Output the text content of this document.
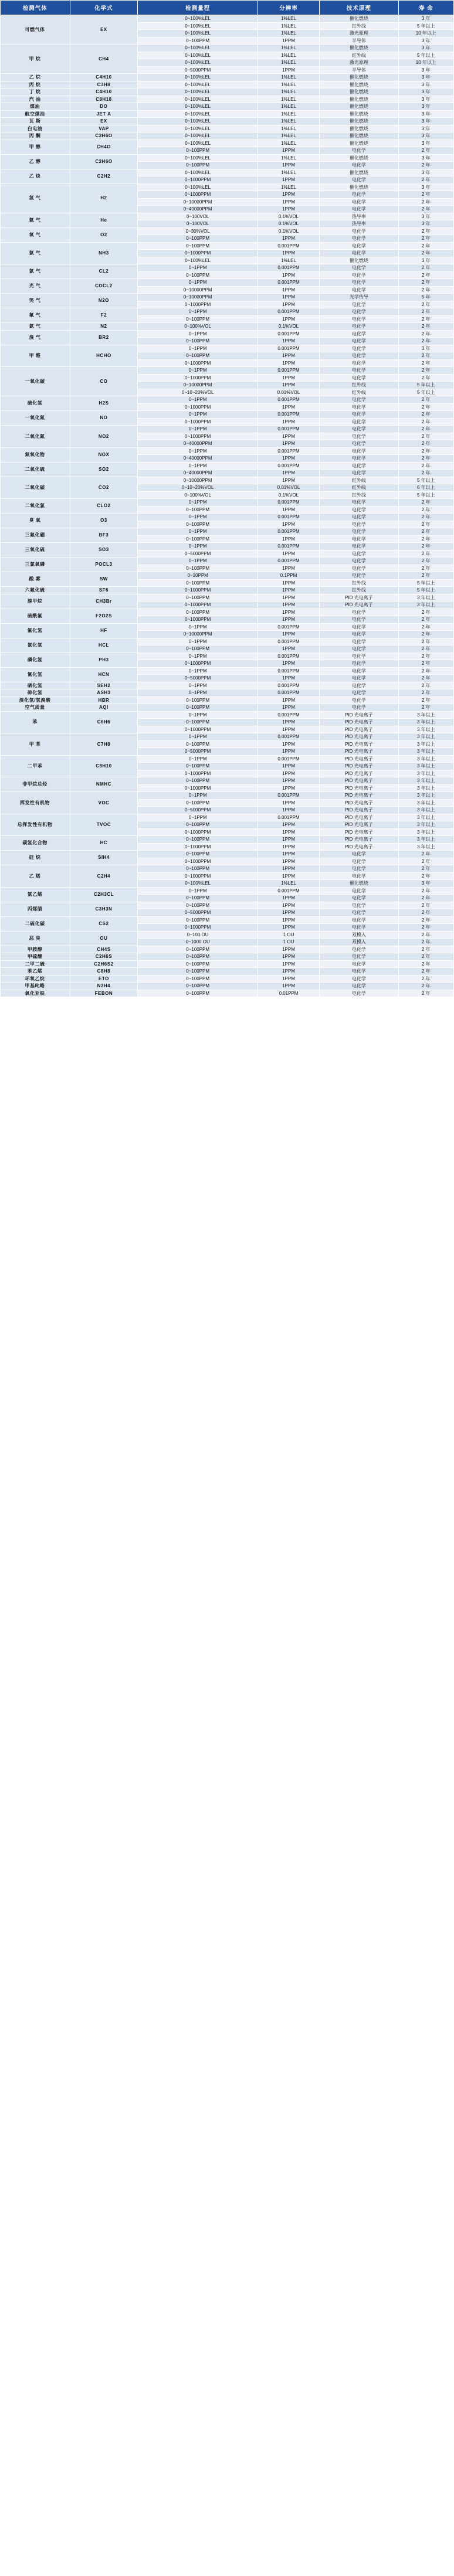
检测气体	化学式	检测量程	分辨率	技术原理	寿 命
可燃气体	EX	0~100%LEL	1%LEL	催化燃烧	3 年
		0~100%LEL	1%LEL	红外线	5 年以上
		0~100%LEL	1%LEL	激光原理	10 年以上
		0~100PPM	1PPM	半导体	3 年
甲 烷	CH4	0~100%LEL	1%LEL	催化燃烧	3 年
		0~100%LEL	1%LEL	红外线	5 年以上
		0~100%LEL	1%LEL	激光原理	10 年以上
		0~5000PPM	1PPM	半导体	3 年
乙 烷	C4H10	0~100%LEL	1%LEL	催化燃烧	3 年
丙 烷	C3H8	0~100%LEL	1%LEL	催化燃烧	3 年
丁 烷	C4H10	0~100%LEL	1%LEL	催化燃烧	3 年
汽 油	C8H18	0~100%LEL	1%LEL	催化燃烧	3 年
煤油	DO	0~100%LEL	1%LEL	催化燃烧	3 年
航空煤油	JET A	0~100%LEL	1%LEL	催化燃烧	3 年
瓦 斯	EX	0~100%LEL	1%LEL	催化燃烧	3 年
白电油	VAP	0~100%LEL	1%LEL	催化燃烧	3 年
丙 酮	C3H6O	0~100%LEL	1%LEL	催化燃烧	3 年
甲 醇	CH4O	0~100%LEL	1%LEL	催化燃烧	3 年
		0~100PPM	1PPM	电化学	2 年
乙 醇	C2H6O	0~100%LEL	1%LEL	催化燃烧	3 年
		0~100PPM	1PPM	电化学	2 年
乙 炔	C2H2	0~100%LEL	1%LEL	催化燃烧	3 年
		0~1000PPM	1PPM	电化学	2 年
氢 气	H2	0~100%LEL	1%LEL	催化燃烧	3 年
		0~1000PPM	1PPM	电化学	2 年
		0~10000PPM	1PPM	电化学	2 年
		0~40000PPM	1PPM	电化学	2 年
氦 气	He	0~100VOL	0.1%VOL	热导率	3 年
		0~100VOL	0.1%VOL	热导率	3 年
氧 气	O2	0~30%VOL	0.1%VOL	电化学	2 年
		0~100PPM	1PPM	电化学	2 年
氨 气	NH3	0~100PPM	0.001PPM	电化学	2 年
		0~1000PPM	1PPM	电化学	2 年
		0~100%LEL	1%LEL	催化燃烧	3 年
氯 气	CL2	0~1PPM	0.001PPM	电化学	2 年
		0~100PPM	1PPM	电化学	2 年
光 气	COCL2	0~1PPM	0.001PPM	电化学	2 年
		0~10000PPM	1PPM	电化学	2 年
笑 气	N2O	0~10000PPM	1PPM	光学传导	5 年
		0~1000PPM	1PPM	电化学	2 年
氟 气	F2	0~1PPM	0.001PPM	电化学	2 年
		0~100PPM	1PPM	电化学	2 年
氮 气	N2	0~100%VOL	0.1%VOL	电化学	2 年
溴 气	BR2	0~1PPM	0.001PPM	电化学	2 年
		0~100PPM	1PPM	电化学	2 年
甲 醛	HCHO	0~1PPM	0.001PPM	电化学	3 年
		0~100PPM	1PPM	电化学	2 年
		0~1000PPM	1PPM	电化学	2 年
一氧化碳	CO	0~1PPM	0.001PPM	电化学	2 年
		0~1000PPM	1PPM	电化学	2 年
		0~10000PPM	1PPM	红外线	5 年以上
		0~10~20%VOL	0.01%VOL	红外线	5 年以上
硫化氢	H2S	0~1PPM	0.001PPM	电化学	2 年
		0~1000PPM	1PPM	电化学	2 年
一氧化氮	NO	0~1PPM	0.001PPM	电化学	2 年
		0~1000PPM	1PPM	电化学	2 年
二氧化氮	NO2	0~1PPM	0.001PPM	电化学	2 年
		0~1000PPM	1PPM	电化学	2 年
		0~40000PPM	1PPM	电化学	2 年
氮氧化物	NOX	0~1PPM	0.001PPM	电化学	2 年
		0~40000PPM	1PPM	电化学	2 年
二氧化硫	SO2	0~1PPM	0.001PPM	电化学	2 年
		0~40000PPM	1PPM	电化学	2 年
二氧化碳	CO2	0~10000PPM	1PPM	红外线	5 年以上
		0~10~20%VOL	0.01%VOL	红外线	6 年以上
		0~100%VOL	0.1%VOL	红外线	5 年以上
二氧化氯	CLO2	0~1PPM	0.001PPM	电化学	2 年
		0~100PPM	1PPM	电化学	2 年
臭 氧	O3	0~1PPM	0.001PPM	电化学	2 年
		0~100PPM	1PPM	电化学	2 年
三氟化硼	BF3	0~1PPM	0.001PPM	电化学	2 年
		0~100PPM	1PPM	电化学	2 年
三氧化硫	SO3	0~1PPM	0.001PPM	电化学	2 年
		0~5000PPM	1PPM	电化学	2 年
三氯氧磷	POCL3	0~1PPM	0.001PPM	电化学	2 年
		0~100PPM	1PPM	电化学	2 年
酸 雾	SW	0~10PPM	0.1PPM	电化学	2 年
		0~100PPM	1PPM	红外线	5 年以上
六氟化硫	SF6	0~1000PPM	1PPM	红外线	5 年以上
溴甲烷	CH3Br	0~100PPM	1PPM	PID 光电离子	3 年以上
		0~1000PPM	1PPM	PID 光电离子	3 年以上
硫酰氟	F2O2S	0~100PPM	1PPM	电化学	2 年
		0~1000PPM	1PPM	电化学	2 年
氟化氢	HF	0~1PPM	0.001PPM	电化学	2 年
		0~10000PPM	1PPM	电化学	2 年
氯化氢	HCL	0~1PPM	0.001PPM	电化学	2 年
		0~100PPM	1PPM	电化学	2 年
磷化氢	PH3	0~1PPM	0.001PPM	电化学	2 年
		0~1000PPM	1PPM	电化学	2 年
氰化氢	HCN	0~1PPM	0.001PPM	电化学	2 年
		0~5000PPM	1PPM	电化学	2 年
硒化氢	SEH2	0~1PPM	0.001PPM	电化学	2 年
砷化氢	ASH3	0~1PPM	0.001PPM	电化学	2 年
溴化氢/氢溴酸	HBR	0~100PPM	1PPM	电化学	2 年
空气质量	AQI	0~100PPM	1PPM	电化学	2 年
苯	C6H6	0~1PPM	0.001PPM	PID 光电离子	3 年以上
		0~100PPM	1PPM	PID 光电离子	3 年以上
		0~1000PPM	1PPM	PID 光电离子	3 年以上
甲 苯	C7H8	0~1PPM	0.001PPM	PID 光电离子	3 年以上
		0~100PPM	1PPM	PID 光电离子	3 年以上
		0~5000PPM	1PPM	PID 光电离子	3 年以上
二甲苯	C8H10	0~1PPM	0.001PPM	PID 光电离子	3 年以上
		0~100PPM	1PPM	PID 光电离子	3 年以上
		0~1000PPM	1PPM	PID 光电离子	3 年以上
非甲烷总烃	NMHC	0~100PPM	1PPM	PID 光电离子	3 年以上
		0~1000PPM	1PPM	PID 光电离子	3 年以上
挥发性有机物	VOC	0~1PPM	0.001PPM	PID 光电离子	3 年以上
		0~100PPM	1PPM	PID 光电离子	3 年以上
		0~5000PPM	1PPM	PID 光电离子	3 年以上
总挥发性有机物	TVOC	0~1PPM	0.001PPM	PID 光电离子	3 年以上
		0~100PPM	1PPM	PID 光电离子	3 年以上
		0~1000PPM	1PPM	PID 光电离子	3 年以上
碳氢化合物	HC	0~100PPM	1PPM	PID 光电离子	3 年以上
		0~1000PPM	1PPM	PID 光电离子	3 年以上
硅 烷	SIH4	0~100PPM	1PPM	电化学	2 年
		0~1000PPM	1PPM	电化学	2 年
乙 烯	C2H4	0~100PPM	1PPM	电化学	2 年
		0~1000PPM	1PPM	电化学	2 年
		0~100%LEL	1%LEL	催化燃烧	3 年
氯乙烯	C2H3CL	0~1PPM	0.001PPM	电化学	2 年
		0~100PPM	1PPM	电化学	2 年
丙烯腈	C3H3N	0~100PPM	1PPM	电化学	2 年
		0~5000PPM	1PPM	电化学	2 年
二硫化碳	CS2	0~100PPM	1PPM	电化学	2 年
		0~1000PPM	1PPM	电化学	2 年
恶 臭	OU	0~100 OU	1 OU	双模入	2 年
		0~1000 OU	1 OU	双模入	2 年
甲胺醇	CH4S	0~100PPM	1PPM	电化学	2 年
甲硫醚	C2H6S	0~100PPM	1PPM	电化学	2 年
二甲二硫	C2H6S2	0~100PPM	1PPM	电化学	2 年
苯乙烯	C8H8	0~100PPM	1PPM	电化学	2 年
环氧乙烷	ETO	0~100PPM	1PPM	电化学	2 年
甲基叱略	N2H4	0~100PPM	1PPM	电化学	2 年
氧化亚铁	FEBON	0~100PPM	0.01PPM	电化学	2 年
